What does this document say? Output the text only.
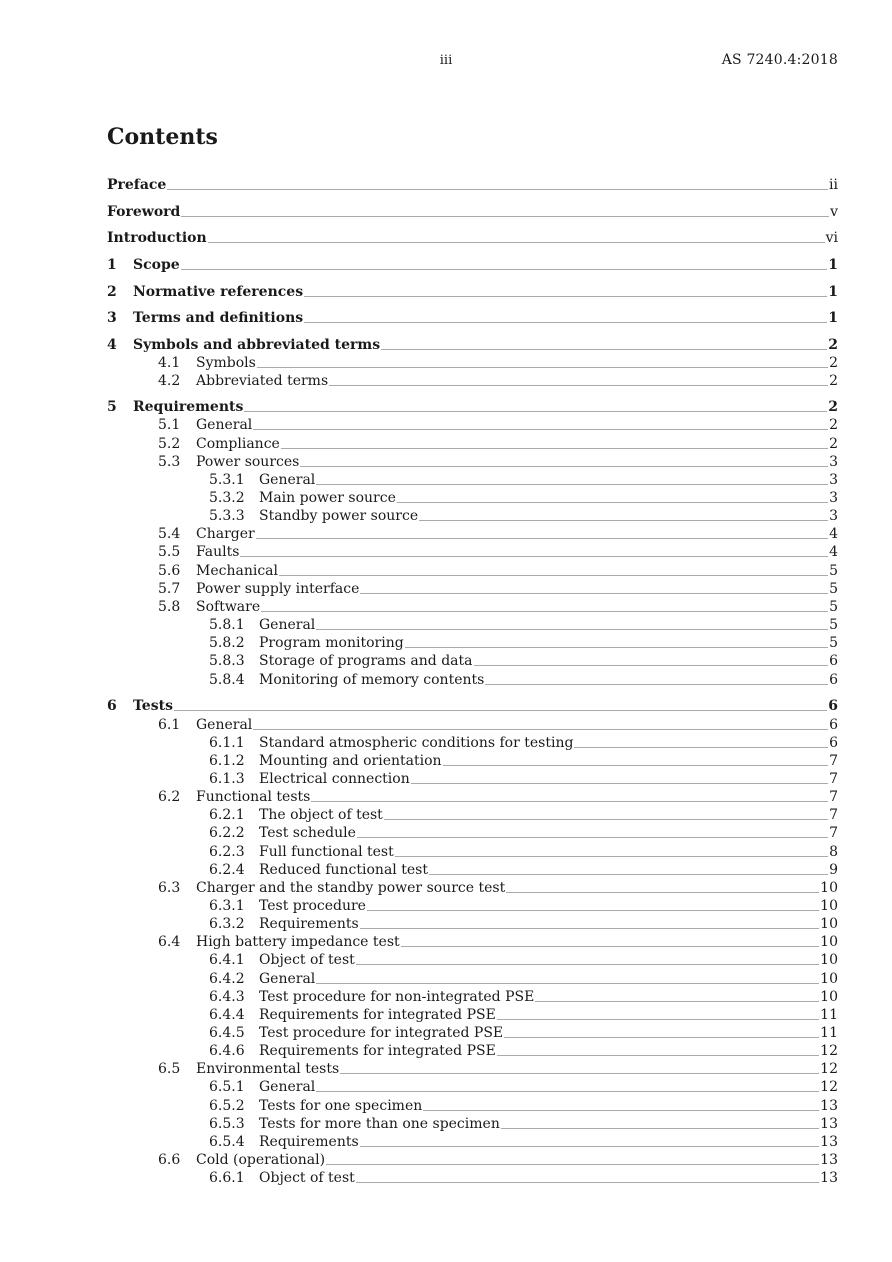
iii	AS 7240.4:2018
Contents
Preface	ii
Foreword	v
Introduction	vi
1 Scope	1
2 Normative references	1
3 Terms and definitions	1
4 Symbols and abbreviated terms	2
4.1 Symbols	2
4.2 Abbreviated terms	2
5 Requirements	2
5.1 General	2
5.2 Compliance	2
5.3 Power sources	3
5.3.1 General	3
5.3.2 Main power source	3
5.3.3 Standby power source	3
5.4 Charger	4
5.5 Faults	4
5.6 Mechanical	5
5.7 Power supply interface	5
5.8 Software	5
5.8.1 General	5
5.8.2 Program monitoring	5
5.8.3 Storage of programs and data	6
5.8.4 Monitoring of memory contents	6
6 Tests	6
6.1 General	6
6.1.1 Standard atmospheric conditions for testing	6
6.1.2 Mounting and orientation	7
6.1.3 Electrical connection	7
6.2 Functional tests	7
6.2.1 The object of test	7
6.2.2 Test schedule	7
6.2.3 Full functional test	8
6.2.4 Reduced functional test	9
6.3 Charger and the standby power source test	10
6.3.1 Test procedure	10
6.3.2 Requirements	10
6.4 High battery impedance test	10
6.4.1 Object of test	10
6.4.2 General	10
6.4.3 Test procedure for non-integrated PSE	10
6.4.4 Requirements for integrated PSE	11
6.4.5 Test procedure for integrated PSE	11
6.4.6 Requirements for integrated PSE	12
6.5 Environmental tests	12
6.5.1 General	12
6.5.2 Tests for one specimen	13
6.5.3 Tests for more than one specimen	13
6.5.4 Requirements	13
6.6 Cold (operational)	13
6.6.1 Object of test	13
